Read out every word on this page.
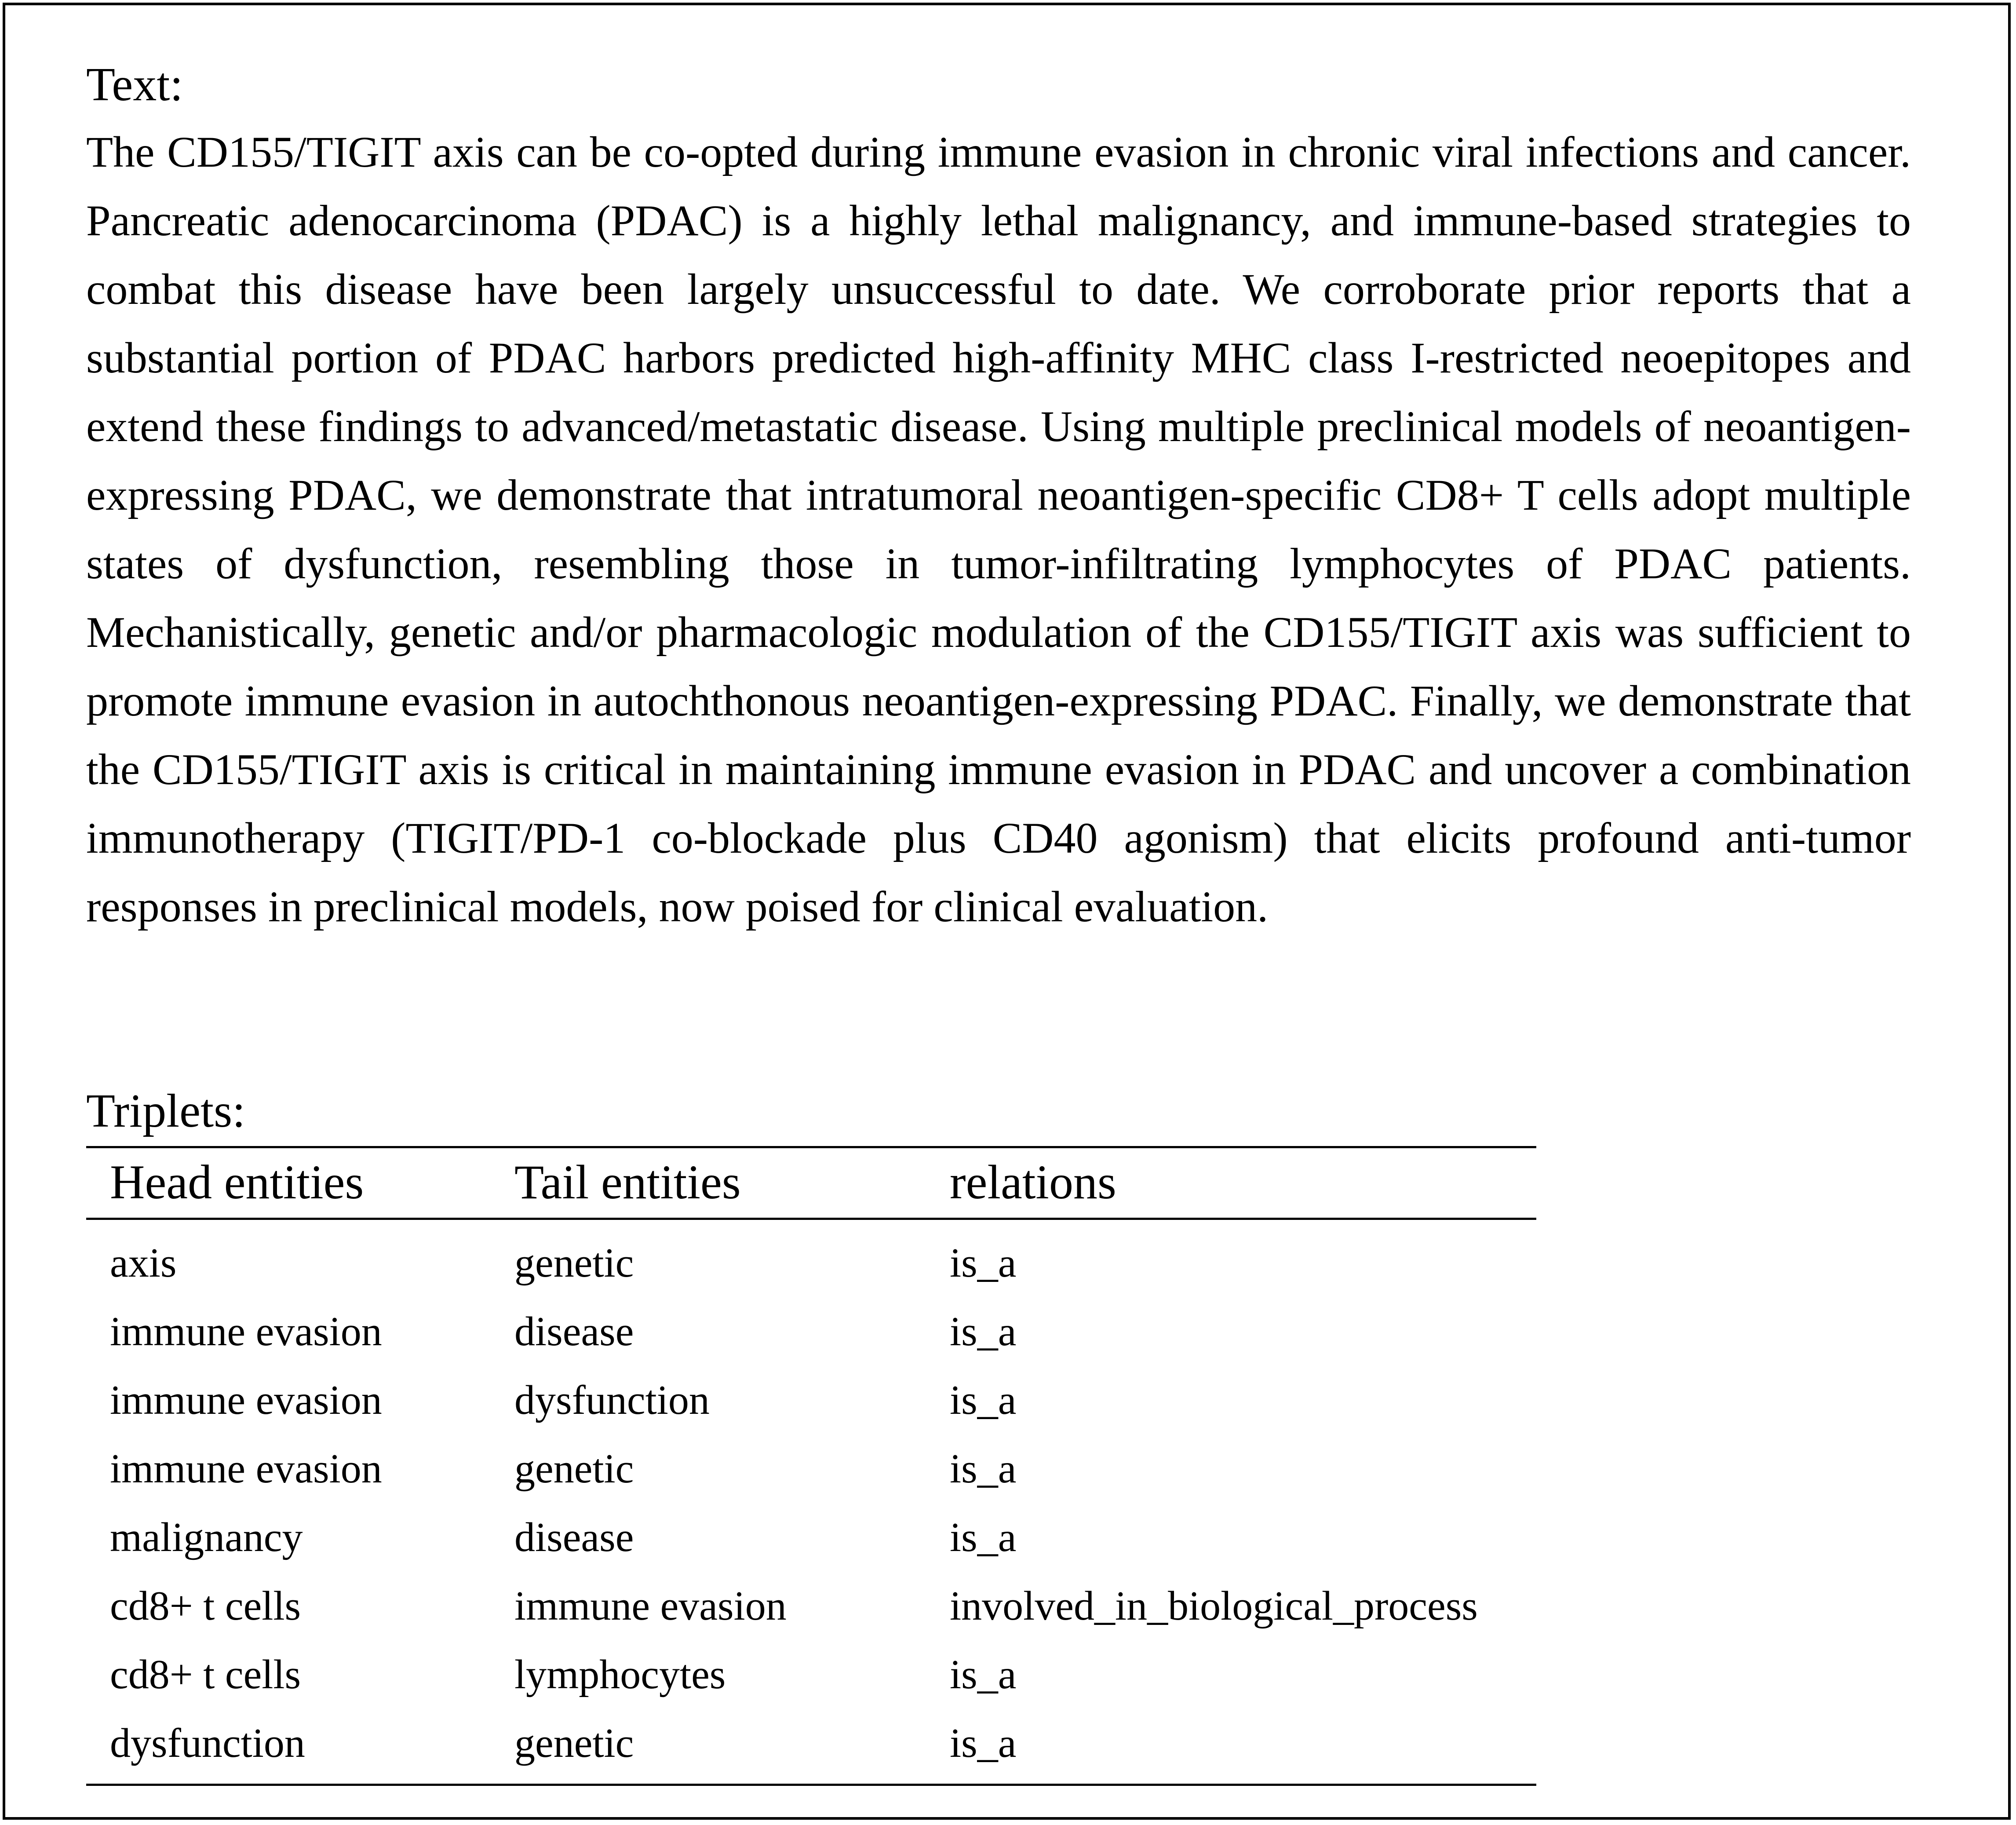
Text:

The CD155/TIGIT axis can be co-opted during immune evasion in chronic viral infections and cancer. Pancreatic adenocarcinoma (PDAC) is a highly lethal malignancy, and immune-based strategies to combat this disease have been largely unsuccessful to date. We corroborate prior reports that a substantial portion of PDAC harbors predicted high-affinity MHC class I-restricted neoepitopes and extend these findings to advanced/metastatic disease. Using multiple preclinical models of neoantigen-expressing PDAC, we demonstrate that intratumoral neoantigen-specific CD8+ T cells adopt multiple states of dysfunction, resembling those in tumor-infiltrating lymphocytes of PDAC patients. Mechanistically, genetic and/or pharmacologic modulation of the CD155/TIGIT axis was sufficient to promote immune evasion in autochthonous neoantigen-expressing PDAC. Finally, we demonstrate that the CD155/TIGIT axis is critical in maintaining immune evasion in PDAC and uncover a combination immunotherapy (TIGIT/PD-1 co-blockade plus CD40 agonism) that elicits profound anti-tumor responses in preclinical models, now poised for clinical evaluation.

Triplets:
Head entities	Tail entities	relations
axis	genetic	is_a
immune evasion	disease	is_a
immune evasion	dysfunction	is_a
immune evasion	genetic	is_a
malignancy	disease	is_a
cd8+ t cells	immune evasion	involved_in_biological_process
cd8+ t cells	lymphocytes	is_a
dysfunction	genetic	is_a
